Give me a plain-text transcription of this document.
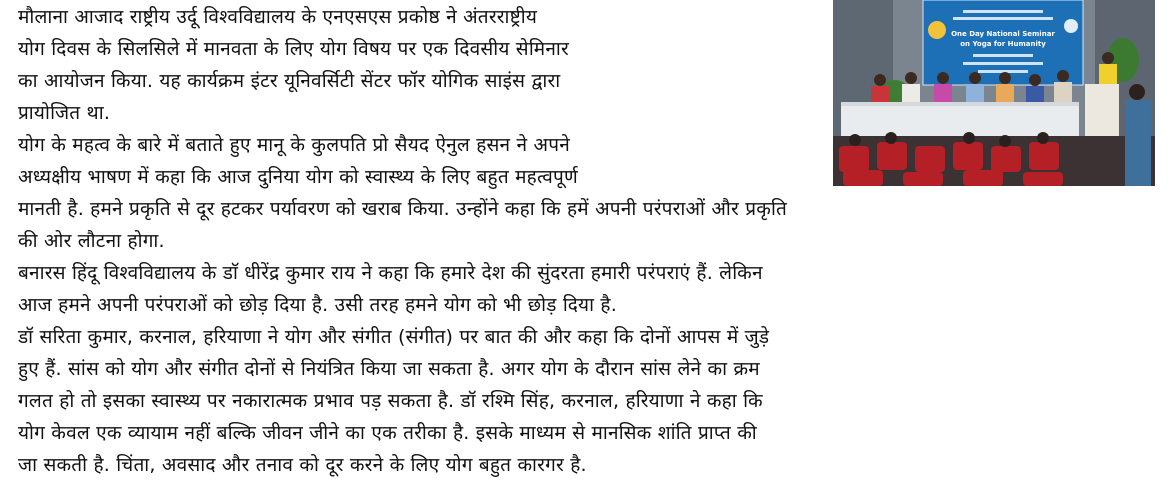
One Day National Seminar
on Yoga for Humanity
मौलाना आजाद राष्ट्रीय उर्दू विश्वविद्यालय के एनएसएस प्रकोष्ठ ने अंतरराष्ट्रीय
योग दिवस के सिलसिले में मानवता के लिए योग विषय पर एक दिवसीय सेमिनार
का आयोजन किया. यह कार्यक्रम इंटर यूनिवर्सिटी सेंटर फॉर योगिक साइंस द्वारा
प्रायोजित था.
योग के महत्व के बारे में बताते हुए मानू के कुलपति प्रो सैयद ऐनुल हसन ने अपने
अध्यक्षीय भाषण में कहा कि आज दुनिया योग को स्वास्थ्य के लिए बहुत महत्वपूर्ण
मानती है. हमने प्रकृति से दूर हटकर पर्यावरण को खराब किया. उन्होंने कहा कि हमें अपनी परंपराओं और प्रकृति
की ओर लौटना होगा.
बनारस हिंदू विश्वविद्यालय के डाॅ धीरेंद्र कुमार राय ने कहा कि हमारे देश की सुंदरता हमारी परंपराएं हैं. लेकिन
आज हमने अपनी परंपराओं को छोड़ दिया है. उसी तरह हमने योग को भी छोड़ दिया है.
डॉ सरिता कुमार, करनाल, हरियाणा ने योग और संगीत (संगीत) पर बात की और कहा कि दोनों आपस में जुड़े
हुए हैं. सांस को योग और संगीत दोनों से नियंत्रित किया जा सकता है. अगर योग के दौरान सांस लेने का क्रम
गलत हो तो इसका स्वास्थ्य पर नकारात्मक प्रभाव पड़ सकता है. डॉ रश्मि सिंह, करनाल, हरियाणा ने कहा कि
योग केवल एक व्यायाम नहीं बल्कि जीवन जीने का एक तरीका है. इसके माध्यम से मानसिक शांति प्राप्त की
जा सकती है. चिंता, अवसाद और तनाव को दूर करने के लिए योग बहुत कारगर है.
